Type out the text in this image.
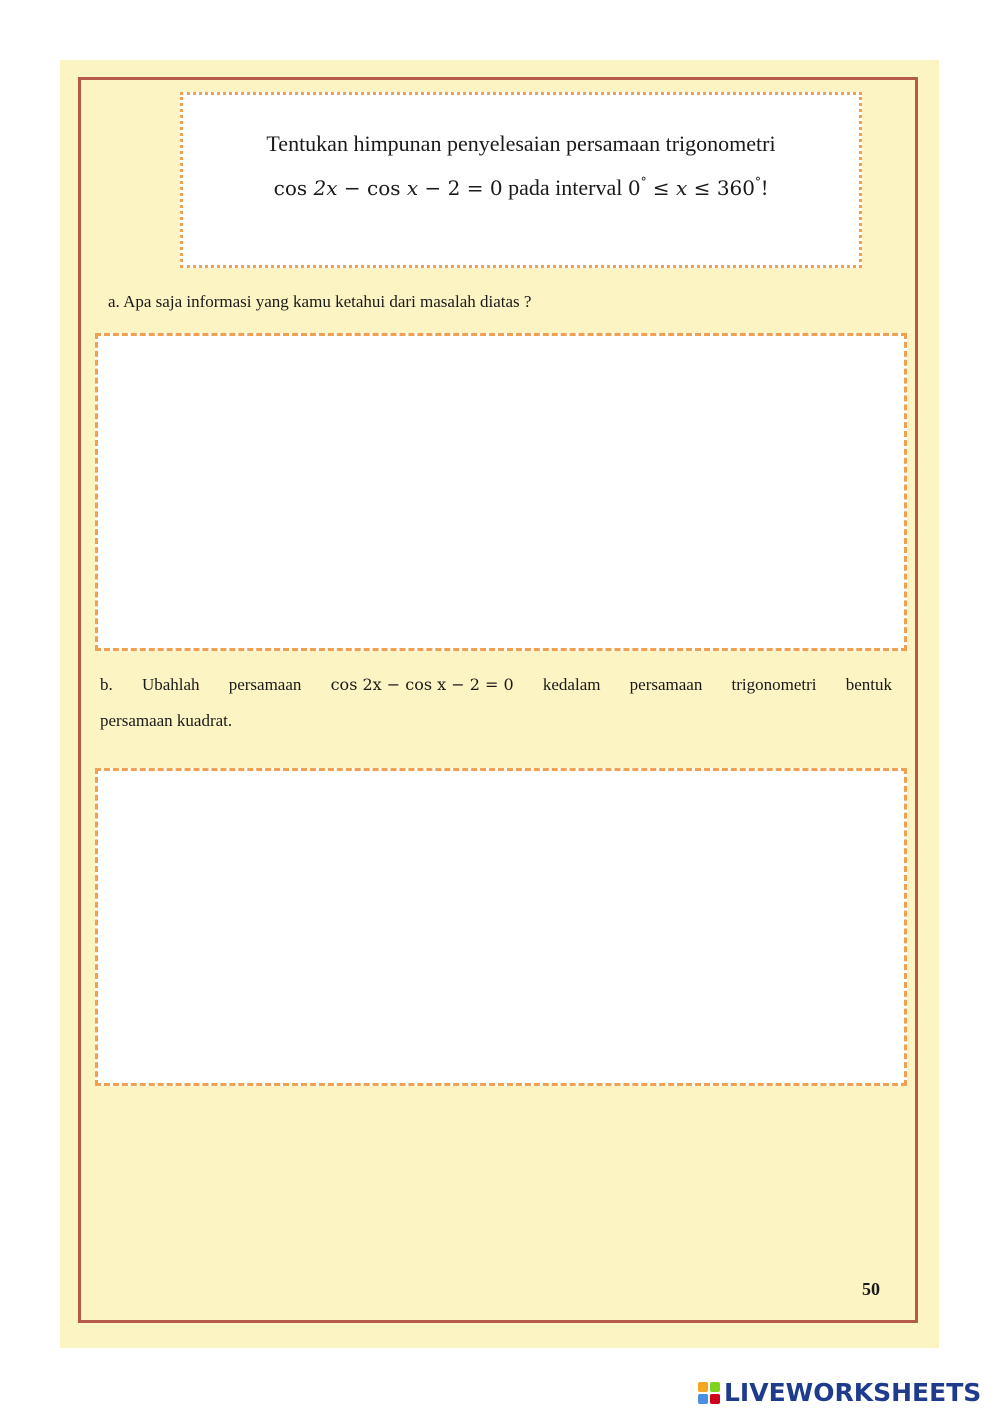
Tentukan himpunan penyelesaian persamaan trigonometri
cos 2x − cos x − 2 = 0 pada interval 0° ≤ x ≤ 360°!
a. Apa saja informasi yang kamu ketahui dari masalah diatas ?
b. Ubahlah persamaan cos 2x − cos x − 2 = 0 kedalam persamaan trigonometri bentuk
persamaan kuadrat.
50
LIVEWORKSHEETS
